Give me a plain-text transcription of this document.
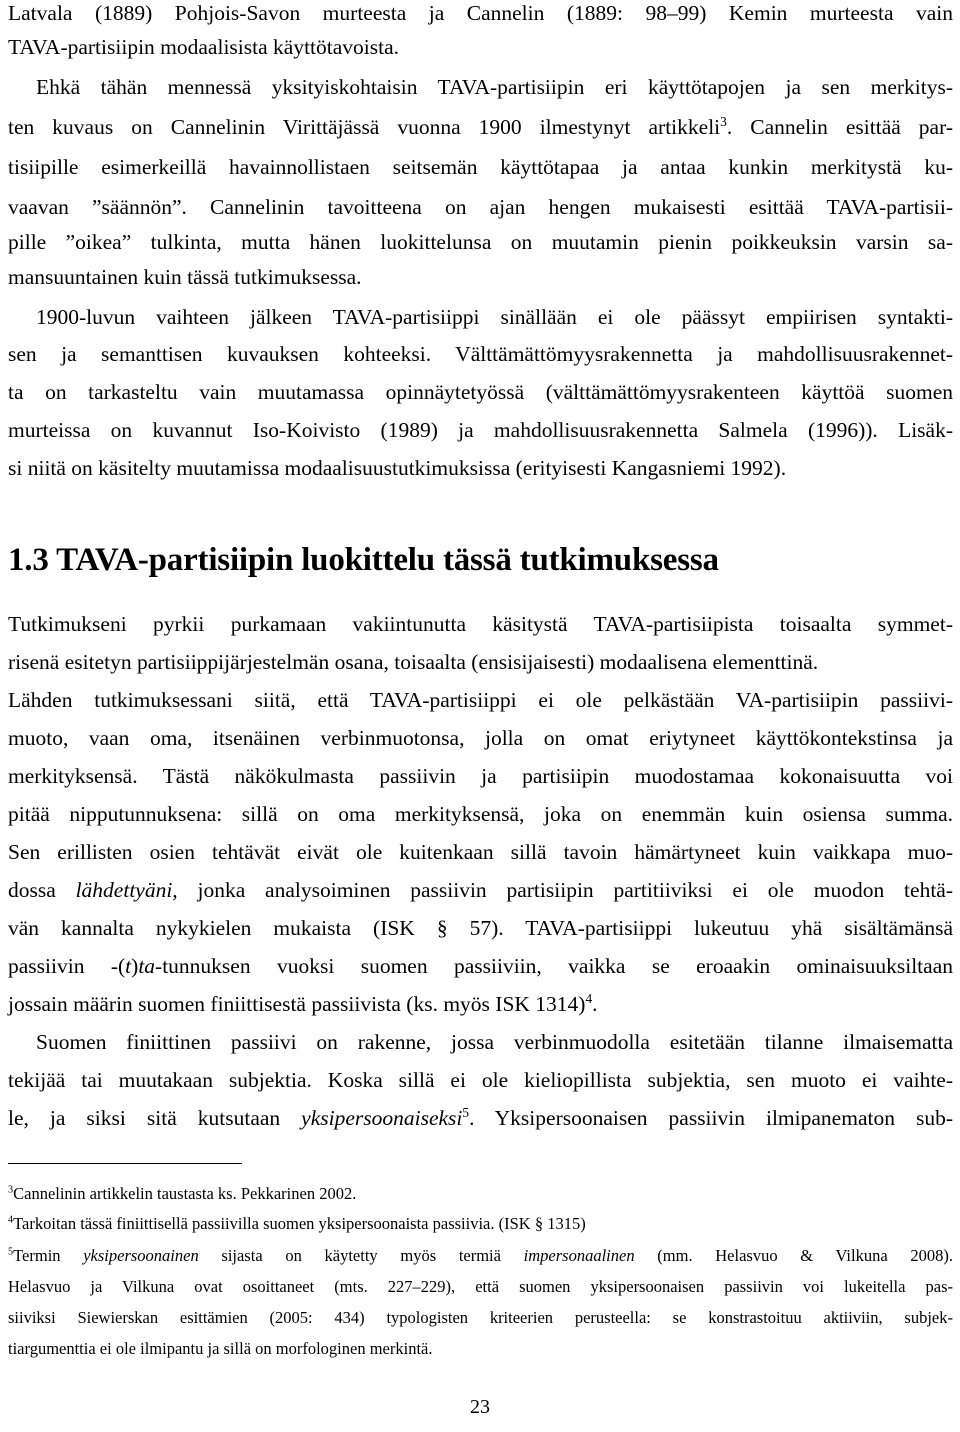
Latvala (1889) Pohjois-Savon murteesta ja Cannelin (1889: 98–99) Kemin murteesta vain
TAVA-partisiipin modaalisista käyttötavoista.
Ehkä tähän mennessä yksityiskohtaisin TAVA-partisiipin eri käyttötapojen ja sen merkitys-
ten kuvaus on Cannelinin Virittäjässä vuonna 1900 ilmestynyt artikkeli$^3$. Cannelin esittää par-
tisiipille esimerkeillä havainnollistaen seitsemän käyttötapaa ja antaa kunkin merkitystä ku-
vaavan ”säännön”. Cannelinin tavoitteena on ajan hengen mukaisesti esittää TAVA-partisii-
pille ”oikea” tulkinta, mutta hänen luokittelunsa on muutamin pienin poikkeuksin varsin sa-
mansuuntainen kuin tässä tutkimuksessa.
1900-luvun vaihteen jälkeen TAVA-partisiippi sinällään ei ole päässyt empiirisen syntakti-
sen ja semanttisen kuvauksen kohteeksi. Välttämättömyysrakennetta ja mahdollisuusrakennet-
ta on tarkasteltu vain muutamassa opinnäytetyössä (välttämättömyysrakenteen käyttöä suomen
murteissa on kuvannut Iso-Koivisto (1989) ja mahdollisuusrakennetta Salmela (1996)). Lisäk-
si niitä on käsitelty muutamissa modaalisuustutkimuksissa (erityisesti Kangasniemi 1992).
1.3 TAVA-partisiipin luokittelu tässä tutkimuksessa
Tutkimukseni pyrkii purkamaan vakiintunutta käsitystä TAVA-partisiipista toisaalta symmet-
risenä esitetyn partisiippijärjestelmän osana, toisaalta (ensisijaisesti) modaalisena elementtinä.
Lähden tutkimuksessani siitä, että TAVA-partisiippi ei ole pelkästään VA-partisiipin passiivi-
muoto, vaan oma, itsenäinen verbinmuotonsa, jolla on omat eriytyneet käyttökontekstinsa ja
merkityksensä. Tästä näkökulmasta passiivin ja partisiipin muodostamaa kokonaisuutta voi
pitää nipputunnuksena: sillä on oma merkityksensä, joka on enemmän kuin osiensa summa.
Sen erillisten osien tehtävät eivät ole kuitenkaan sillä tavoin hämärtyneet kuin vaikkapa muo-
dossa lähdettyäni, jonka analysoiminen passiivin partisiipin partitiiviksi ei ole muodon tehtä-
vän kannalta nykykielen mukaista (ISK § 57). TAVA-partisiippi lukeutuu yhä sisältämänsä
passiivin -(t)ta-tunnuksen vuoksi suomen passiiviin, vaikka se eroaakin ominaisuuksiltaan
jossain määrin suomen finiittisestä passiivista (ks. myös ISK 1314)$^4$.
Suomen finiittinen passiivi on rakenne, jossa verbinmuodolla esitetään tilanne ilmaisematta
tekijää tai muutakaan subjektia. Koska sillä ei ole kieliopillista subjektia, sen muoto ei vaihte-
le, ja siksi sitä kutsutaan yksipersoonaiseksi$^5$. Yksipersoonaisen passiivin ilmipanematon sub-
$^3$Cannelinin artikkelin taustasta ks. Pekkarinen 2002.
$^4$Tarkoitan tässä finiittisellä passiivilla suomen yksipersoonaista passiivia. (ISK § 1315)
$^5$Termin yksipersoonainen sijasta on käytetty myös termiä impersonaalinen (mm. Helasvuo & Vilkuna 2008).
Helasvuo ja Vilkuna ovat osoittaneet (mts. 227–229), että suomen yksipersoonaisen passiivin voi lukeitella pas-
siiviksi Siewierskan esittämien (2005: 434) typologisten kriteerien perusteella: se konstrastoituu aktiiviin, subjek-
tiargumenttia ei ole ilmipantu ja sillä on morfologinen merkintä.
23
